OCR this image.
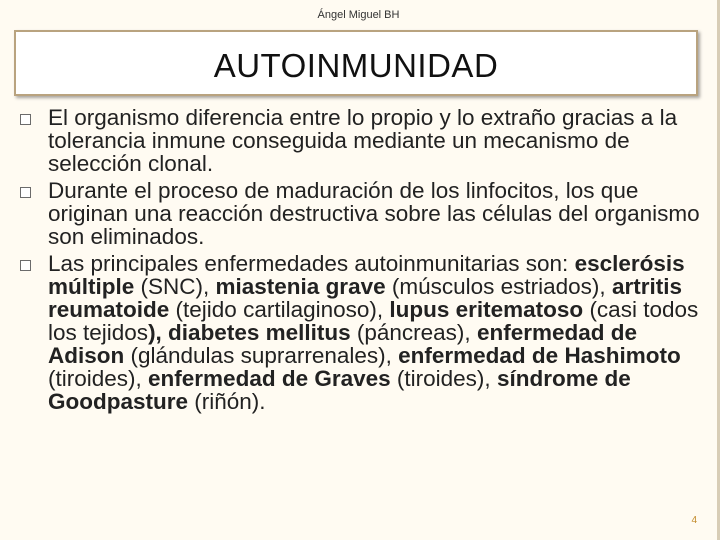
Ángel Miguel BH
AUTOINMUNIDAD
El organismo diferencia entre lo propio y lo extraño gracias a la tolerancia inmune conseguida mediante un mecanismo de selección clonal.
Durante el proceso de maduración de los linfocitos, los que originan una reacción destructiva sobre las células del organismo son eliminados.
Las principales enfermedades autoinmunitarias son: esclerósis múltiple (SNC), miastenia grave (músculos estriados), artritis reumatoide (tejido cartilaginoso), lupus eritematoso (casi todos los tejidos), diabetes mellitus (páncreas), enfermedad de Adison (glándulas suprarrenales), enfermedad de Hashimoto (tiroides), enfermedad de Graves (tiroides), síndrome de Goodpasture (riñón).
4
